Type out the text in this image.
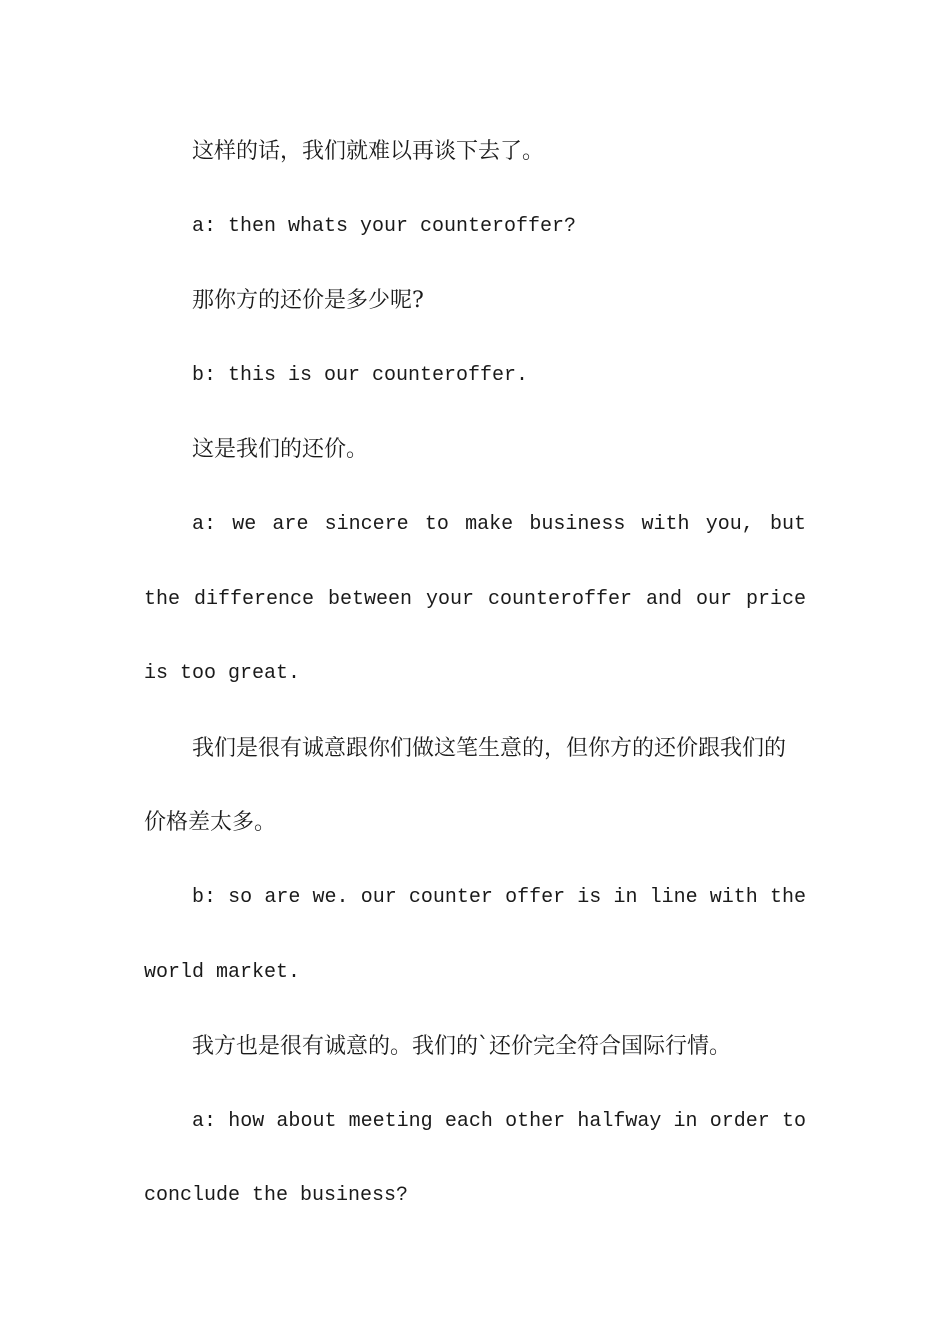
这样的话，我们就难以再谈下去了。

a: then whats your counteroffer?

那你方的还价是多少呢?

b: this is our counteroffer.

这是我们的还价。

a: we are sincere to make business with you, but the difference between your counteroffer and our price is too great.

我们是很有诚意跟你们做这笔生意的，但你方的还价跟我们的价格差太多。

b: so are we. our counter offer is in line with the world market.

我方也是很有诚意的。我们的`还价完全符合国际行情。

a: how about meeting each other halfway in order to conclude the business?
